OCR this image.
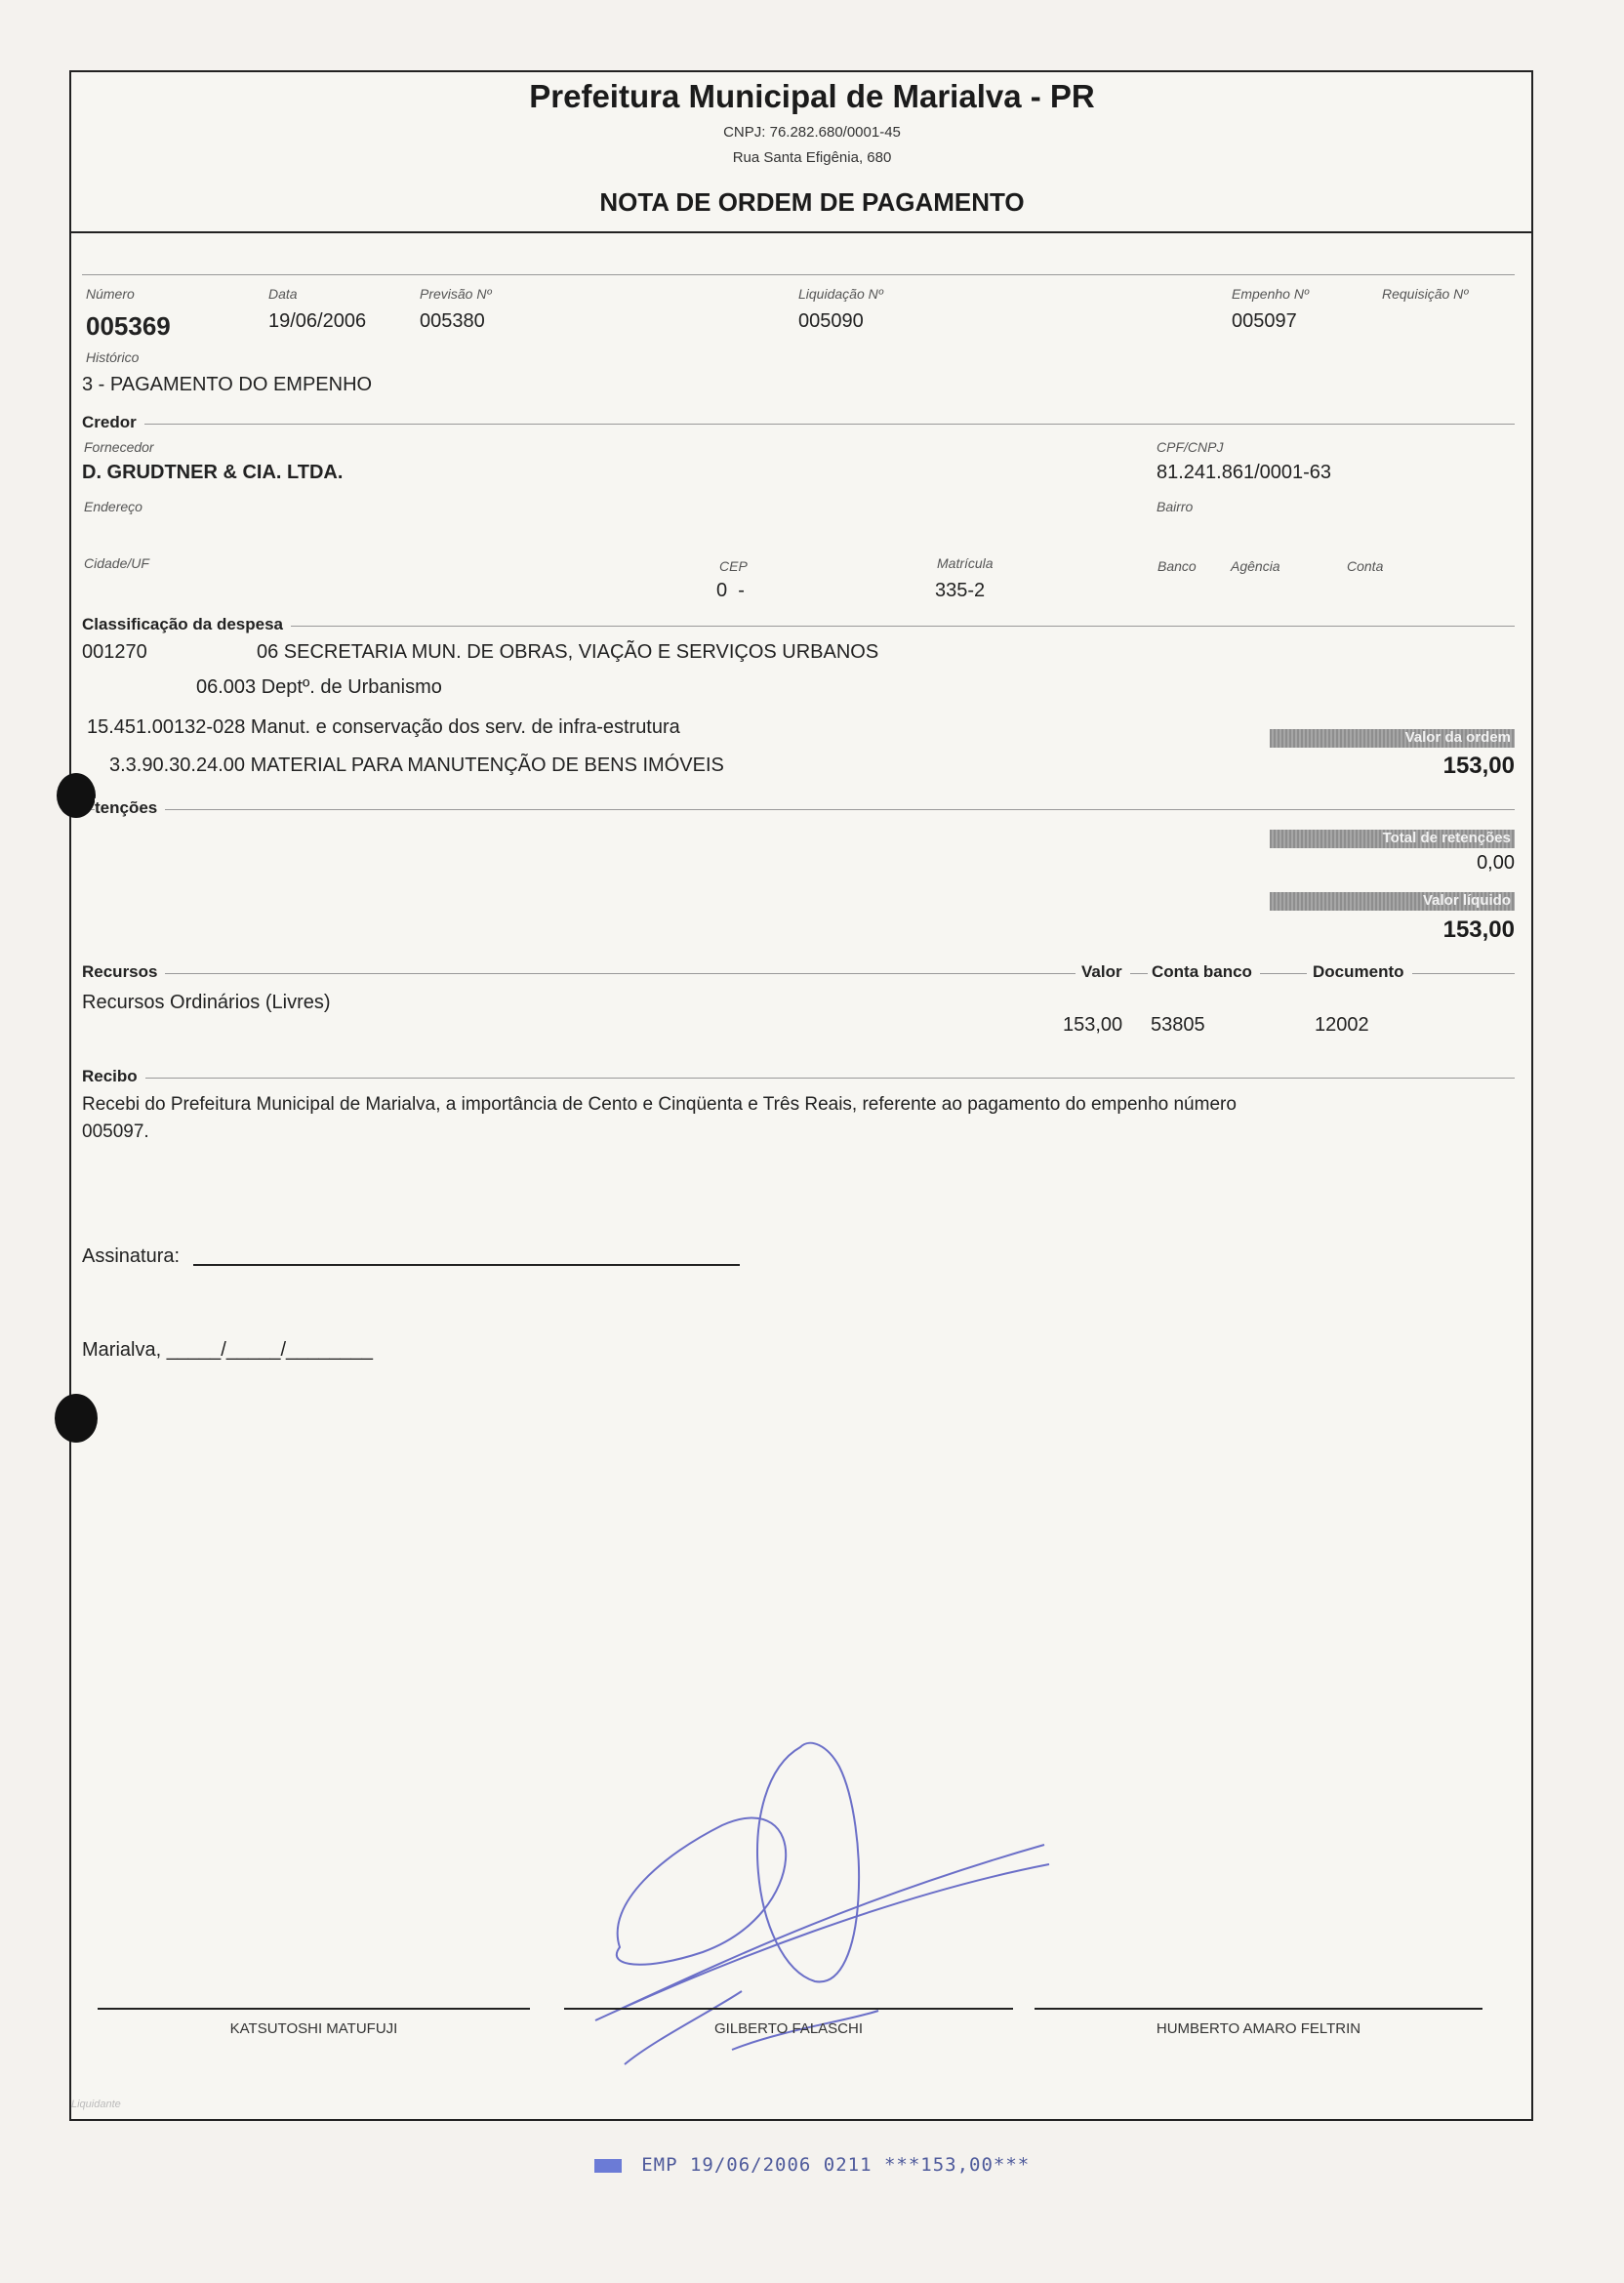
Prefeitura Municipal de Marialva - PR
CNPJ: 76.282.680/0001-45
Rua Santa Efigênia, 680
NOTA DE ORDEM DE PAGAMENTO
Número
005369
Data
19/06/2006
Previsão Nº
005380
Liquidação Nº
005090
Empenho Nº
005097
Requisição Nº
Histórico
3 - PAGAMENTO DO EMPENHO
Credor
Fornecedor
D. GRUDTNER & CIA. LTDA.
CPF/CNPJ
81.241.861/0001-63
Endereço	Bairro
Cidade/UF	CEP
0  -
Matrícula
335-2
Banco	Agência	Conta
Classificação da despesa
001270	06 SECRETARIA MUN. DE OBRAS, VIAÇÃO E SERVIÇOS URBANOS
06.003 Deptº. de Urbanismo
15.451.00132-028 Manut. e conservação dos serv. de infra-estrutura
3.3.90.30.24.00 MATERIAL PARA MANUTENÇÃO DE BENS IMÓVEIS
Valor da ordem
153,00
tenções
Total de retenções
0,00
Valor líquido
153,00
Recursos	Valor	Conta banco	Documento
Recursos Ordinários (Livres)
153,00 53805	12002
Recibo
Recebi do Prefeitura Municipal de Marialva, a importância de Cento e Cinqüenta e Três Reais, referente ao pagamento do empenho número
005097.
Assinatura:
Marialva, _____/_____/________
KATSUTOSHI MATUFUJI	GILBERTO FALASCHI	HUMBERTO AMARO FELTRIN
Liquidante
EMP 19/06/2006 0211 ***153,00***
